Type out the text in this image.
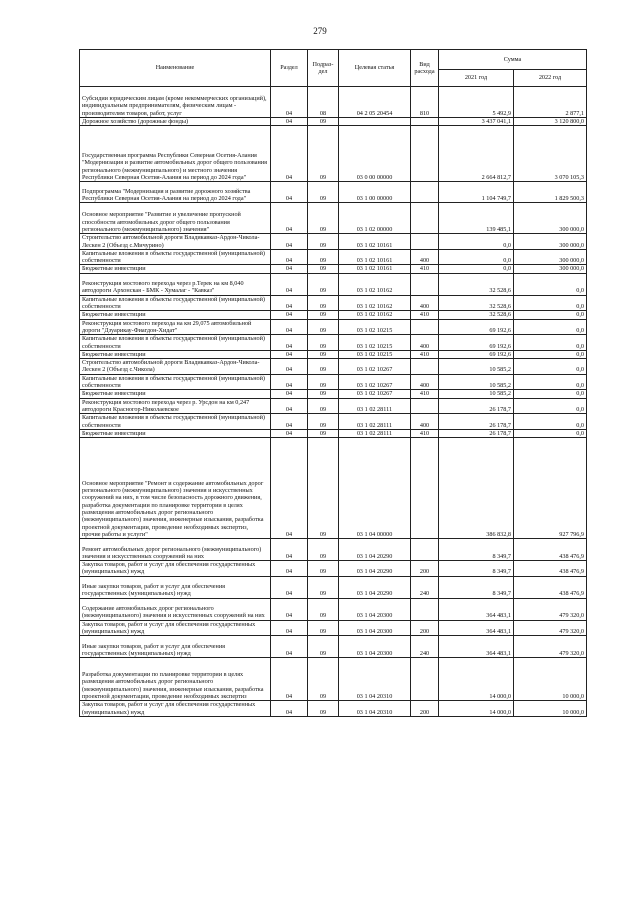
279
Наименование	Раздел	Подраз-дел	Целевая статья	Вид расхода	Сумма	
					2021 год	2022 год
Субсидии юридическим лицам (кроме некоммерческих организаций), индивидуальным предпринимателям, физическим лицам - производителям товаров, работ, услуг	04	08	04 2 05 20454	810	5 492,9	2 877,1
Дорожное хозяйство (дорожные фонды)	04	09			3 437 041,1	3 120 800,0
Государственная программа Республики Северная Осетия-Алания "Модернизация и развитие автомобильных дорог общего пользования регионального (межмуниципального) и местного значения Республики Северная Осетия-Алания на период до 2024 года"	04	09	03 0 00 00000		2 664 812,7	3 070 105,3
Подпрограмма "Модернизация и развитие дорожного хозяйства Республики Северная Осетия-Алания на период до 2024 года"	04	09	03 1 00 00000		1 104 749,7	1 829 500,3
Основное мероприятие "Развитие и увеличение пропускной способности автомобильных дорог общего пользования регионального (межмуниципального) значения"	04	09	03 1 02 00000		139 485,1	300 000,0
Строительство автомобильной дороги Владикавказ-Ардон-Чикола-Лескен 2 (Объезд с.Мичурино)	04	09	03 1 02 10161		0,0	300 000,0
Капитальные вложения в объекты государственной (муниципальной) собственности	04	09	03 1 02 10161	400	0,0	300 000,0
Бюджетные инвестиции	04	09	03 1 02 10161	410	0,0	300 000,0
Реконструкция мостового перехода через р.Терек на км 8,040 автодороги Архонская - БМК - Хумалаг - "Кавказ"	04	09	03 1 02 10162		32 528,6	0,0
Капитальные вложения в объекты государственной (муниципальной) собственности	04	09	03 1 02 10162	400	32 528,6	0,0
Бюджетные инвестиции	04	09	03 1 02 10162	410	32 528,6	0,0
Реконструкция мостового перехода на км 29,075 автомобильной дороги "Дзуарикау-Фиагдон-Хидат"	04	09	03 1 02 10215		69 192,6	0,0
Капитальные вложения в объекты государственной (муниципальной) собственности	04	09	03 1 02 10215	400	69 192,6	0,0
Бюджетные инвестиции	04	09	03 1 02 10215	410	69 192,6	0,0
Строительство автомобильной дороги Владикавказ-Ардон-Чикола-Лескен 2 (Объезд с.Чикола)	04	09	03 1 02 10267		10 585,2	0,0
Капитальные вложения в объекты государственной (муниципальной) собственности	04	09	03 1 02 10267	400	10 585,2	0,0
Бюджетные инвестиции	04	09	03 1 02 10267	410	10 585,2	0,0
Реконструкция мостового перехода через р. Урсдон на км 0,247 автодороги Красногор-Николаевское	04	09	03 1 02 28111		26 178,7	0,0
Капитальные вложения в объекты государственной (муниципальной) собственности	04	09	03 1 02 28111	400	26 178,7	0,0
Бюджетные инвестиции	04	09	03 1 02 28111	410	26 178,7	0,0
Основное мероприятие "Ремонт и содержание автомобильных дорог регионального (межмуниципального) значения и искусственных сооружений на них, в том числе безопасность дорожного движения, разработка документации по планировке территории в целях размещения автомобильных дорог регионального (межмуниципального) значения, инженерные изыскания, разработка проектной документации, проведение необходимых экспертиз, прочие работы и услуги"	04	09	03 1 04 00000		386 832,8	927 796,9
Ремонт автомобильных дорог регионального (межмуниципального) значения и искусственных сооружений на них	04	09	03 1 04 20290		8 349,7	438 476,9
Закупка товаров, работ и услуг для обеспечения государственных (муниципальных) нужд	04	09	03 1 04 20290	200	8 349,7	438 476,9
Иные закупки товаров, работ и услуг для обеспечения государственных (муниципальных) нужд	04	09	03 1 04 20290	240	8 349,7	438 476,9
Содержание автомобильных дорог регионального (межмуниципального) значения и искусственных сооружений на них	04	09	03 1 04 20300		364 483,1	479 320,0
Закупка товаров, работ и услуг для обеспечения государственных (муниципальных) нужд	04	09	03 1 04 20300	200	364 483,1	479 320,0
Иные закупки товаров, работ и услуг для обеспечения государственных (муниципальных) нужд	04	09	03 1 04 20300	240	364 483,1	479 320,0
Разработка документации по планировке территории в целях размещения автомобильных дорог регионального (межмуниципального) значения, инженерные изыскания, разработка проектной документации, проведение необходимых экспертиз	04	09	03 1 04 20310		14 000,0	10 000,0
Закупка товаров, работ и услуг для обеспечения государственных (муниципальных) нужд	04	09	03 1 04 20310	200	14 000,0	10 000,0
